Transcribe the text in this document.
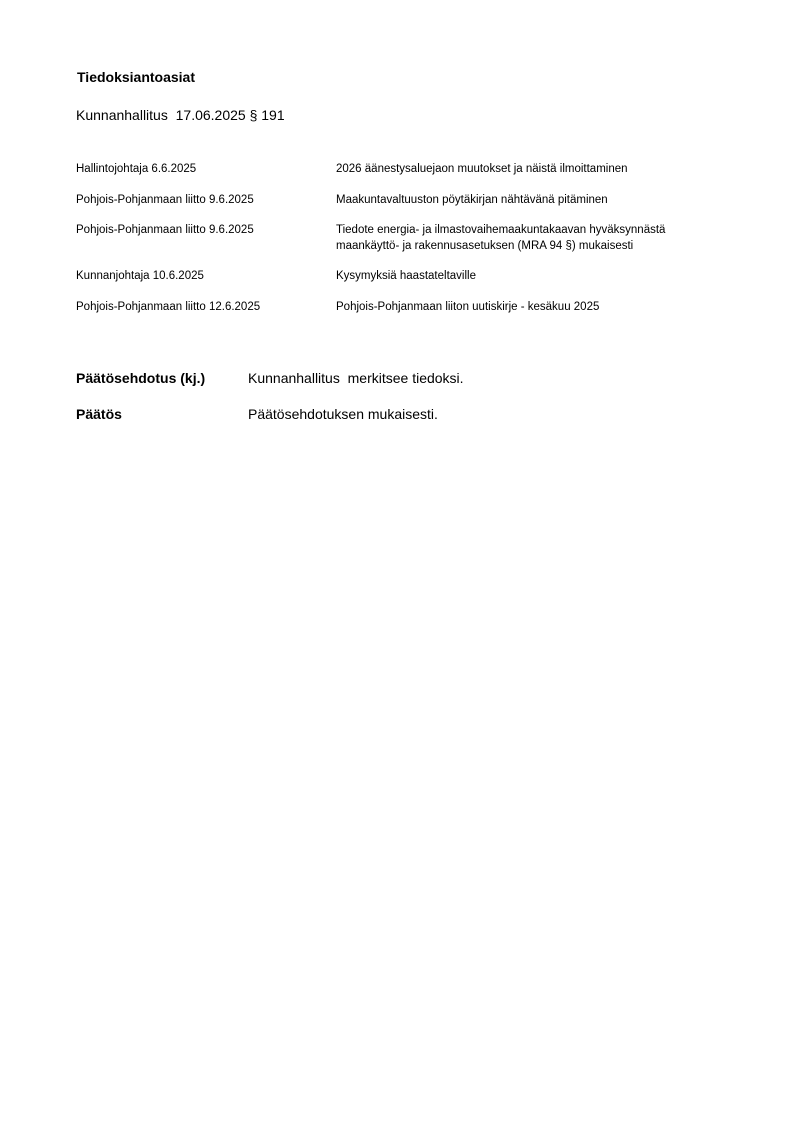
Tiedoksiantoasiat
Kunnanhallitus  17.06.2025 § 191
Hallintojohtaja 6.6.2025	2026 äänestysaluejaon muutokset ja näistä ilmoittaminen
Pohjois-Pohjanmaan liitto 9.6.2025	Maakuntavaltuuston pöytäkirjan nähtävänä pitäminen
Pohjois-Pohjanmaan liitto 9.6.2025	Tiedote energia- ja ilmastovaihemaakuntakaavan hyväksynnästä
maankäyttö- ja rakennusasetuksen (MRA 94 §) mukaisesti
Kunnanjohtaja 10.6.2025	Kysymyksiä haastateltaville
Pohjois-Pohjanmaan liitto 12.6.2025	Pohjois-Pohjanmaan liiton uutiskirje - kesäkuu 2025
Päätösehdotus (kj.)	Kunnanhallitus  merkitsee tiedoksi.
Päätös	Päätösehdotuksen mukaisesti.
